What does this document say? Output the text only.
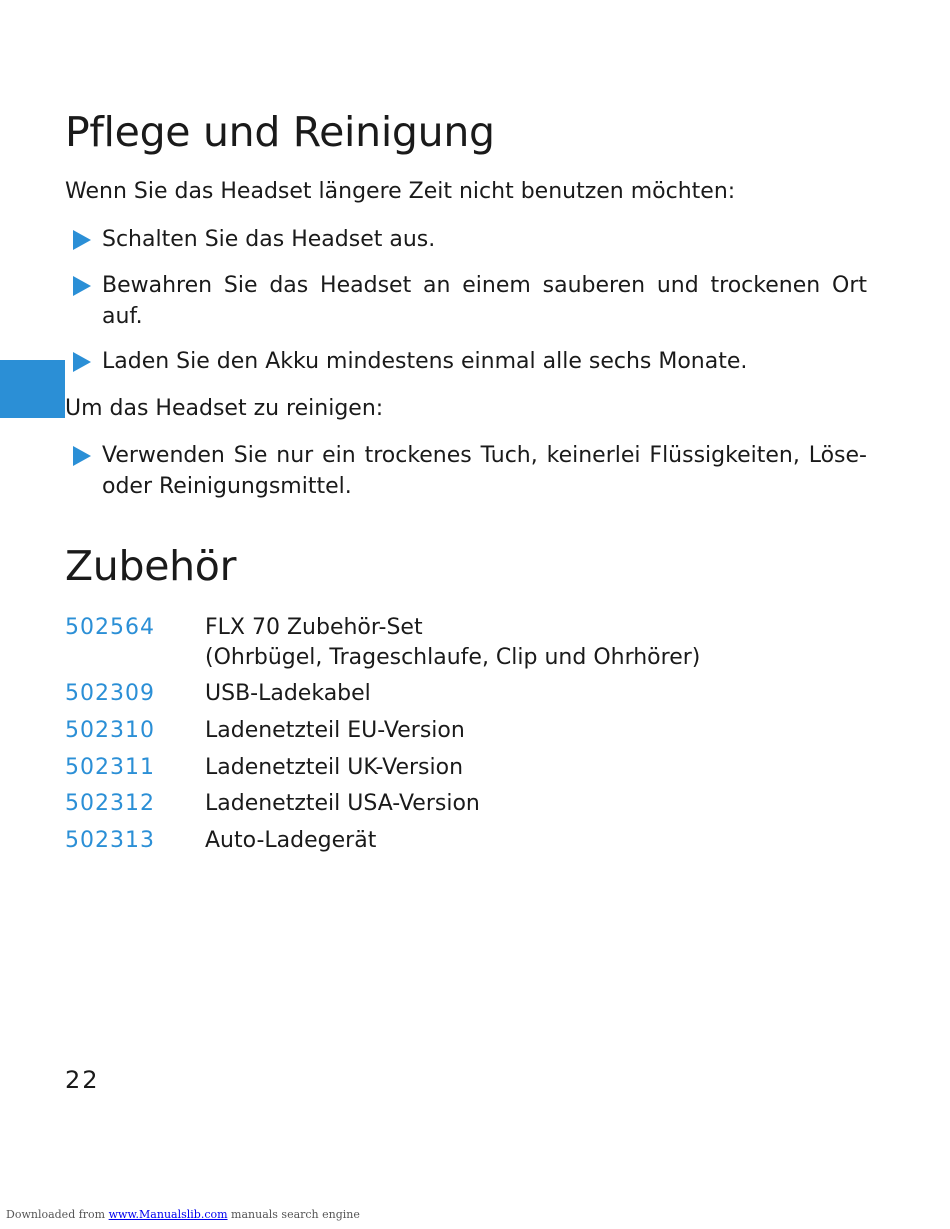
Pflege und Reinigung

Wenn Sie das Headset längere Zeit nicht benutzen möchten:

Schalten Sie das Headset aus.
Bewahren Sie das Headset an einem sauberen und trockenen Ort auf.
Laden Sie den Akku mindestens einmal alle sechs Monate.

Um das Headset zu reinigen:

Verwenden Sie nur ein trockenes Tuch, keinerlei Flüssigkeiten, Löse- oder Reinigungsmittel.
Zubehör
502564 FLX 70 Zubehör-Set
(Ohrbügel, Trageschlaufe, Clip und Ohrhörer)
502309 USB-Ladekabel
502310 Ladenetzteil EU-Version
502311 Ladenetzteil UK-Version
502312 Ladenetzteil USA-Version
502313 Auto-Ladegerät
22
Downloaded from www.Manualslib.com manuals search engine
